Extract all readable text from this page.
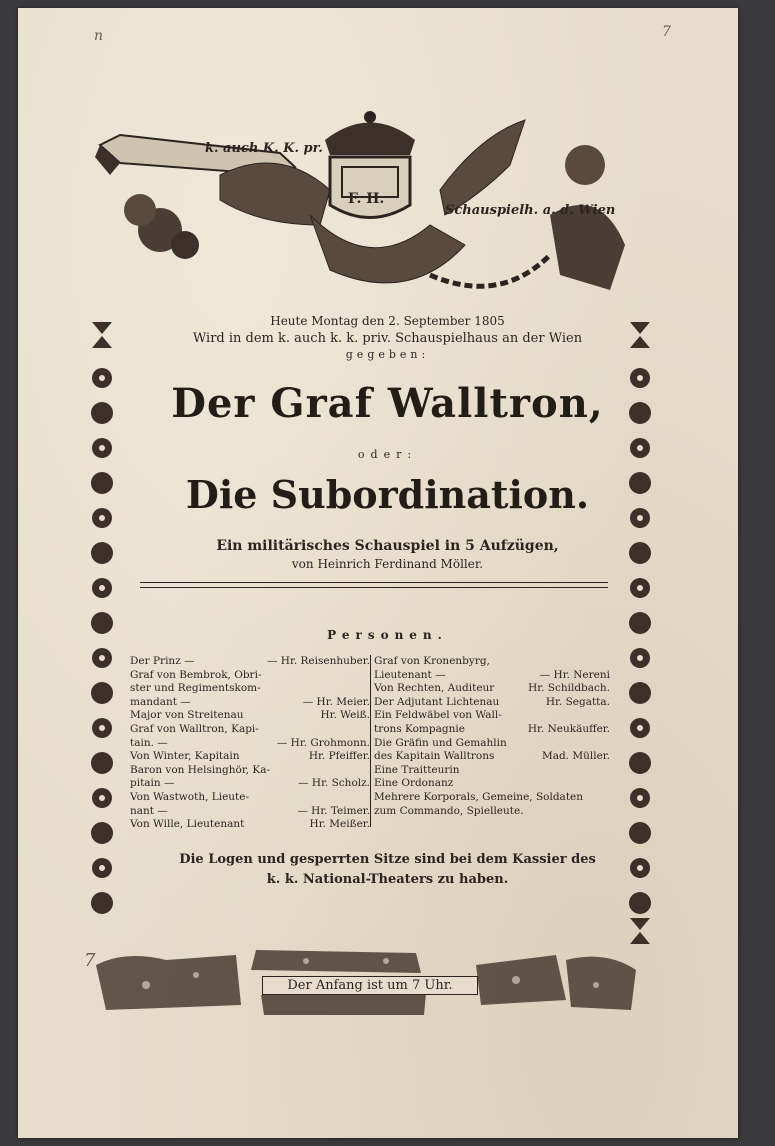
n	7
7
k. auch K. K. pr.
F. II.
Schauspielh. a. d. Wien
Heute Montag den 2. September 1805
Wird in dem k. auch k. k. priv. Schauspielhaus an der Wien
gegeben:
Der Graf Walltron,
oder:
Die Subordination.
Ein militärisches Schauspiel in 5 Aufzügen,
von Heinrich Ferdinand Möller.
Personen.
Der Prinz —	— Hr. Reisenhuber.
Graf von Bembrok, Obri-
ster und Regimentskom-
mandant —	— Hr. Meier.
Major von Streitenau	Hr. Weiß.
Graf von Walltron, Kapi-
tain. —	— Hr. Grohmonn.
Von Winter, Kapitain	Hr. Pfeiffer.
Baron von Helsinghör, Ka-
pitain —	— Hr. Scholz.
Von Wastwoth, Lieute-
nant —	— Hr. Teimer.
Von Wille, Lieutenant	Hr. Meißer.
Graf von Kronenbyrg,
Lieutenant —	— Hr. Nereni
Von Rechten, Auditeur	Hr. Schildbach.
Der Adjutant Lichtenau	Hr. Segatta.
Ein Feldwäbel von Wall-
trons Kompagnie	Hr. Neukäuffer.
Die Gräfin und Gemahlin
des Kapitain Walltrons	Mad. Müller.
Eine Traitteurin
Eine Ordonanz
Mehrere Korporals, Gemeine, Soldaten
zum Commando, Spielleute.
Die Logen und gesperrten Sitze sind bei dem Kassier des
k. k. National-Theaters zu haben.
Der Anfang ist um 7 Uhr.
